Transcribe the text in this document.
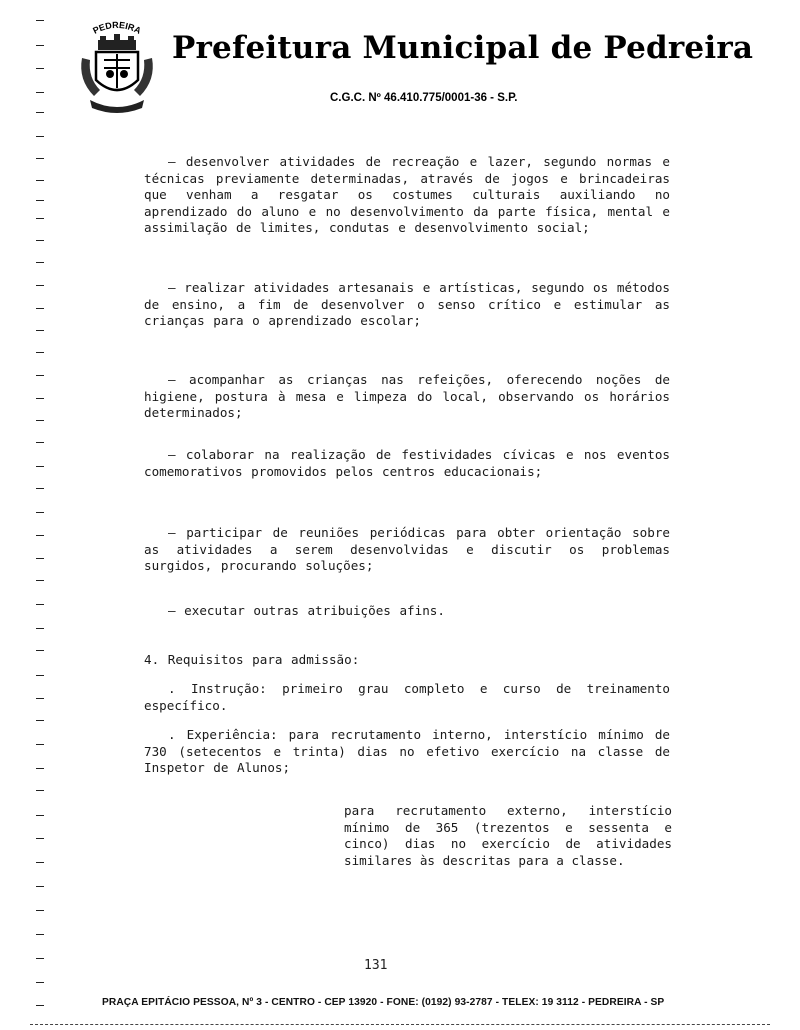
PEDREIRA
Prefeitura Municipal de Pedreira
C.G.C. Nº 46.410.775/0001-36 - S.P.

— desenvolver atividades de recreação e lazer, segundo normas e técnicas previamente determinadas, através de jogos e brincadeiras que venham a resgatar os costumes culturais auxiliando no aprendizado do aluno e no desenvolvimento da parte física, mental e assimilação de limites, condutas e desenvolvimento social;

— realizar atividades artesanais e artísticas, segundo os métodos de ensino, a fim de desenvolver o senso crítico e estimular as crianças para o aprendizado escolar;

— acompanhar as crianças nas refeições, oferecendo noções de higiene, postura à mesa e limpeza do local, observando os horários determinados;

— colaborar na realização de festividades cívicas e nos eventos comemorativos promovidos pelos centros educacionais;

— participar de reuniões periódicas para obter orientação sobre as atividades a serem desenvolvidas e discutir os problemas surgidos, procurando soluções;

— executar outras atribuições afins.

4. Requisitos para admissão:

. Instrução: primeiro grau completo e curso de treinamento específico.

. Experiência: para recrutamento interno, interstício mínimo de 730 (setecentos e trinta) dias no efetivo exercício na classe de Inspetor de Alunos;

para recrutamento externo, interstício mínimo de 365 (trezentos e sessenta e cinco) dias no exercício de atividades similares às descritas para a classe.

131
PRAÇA EPITÁCIO PESSOA, Nº 3 - CENTRO - CEP 13920 - FONE: (0192) 93-2787 - TELEX: 19 3112 - PEDREIRA - SP
